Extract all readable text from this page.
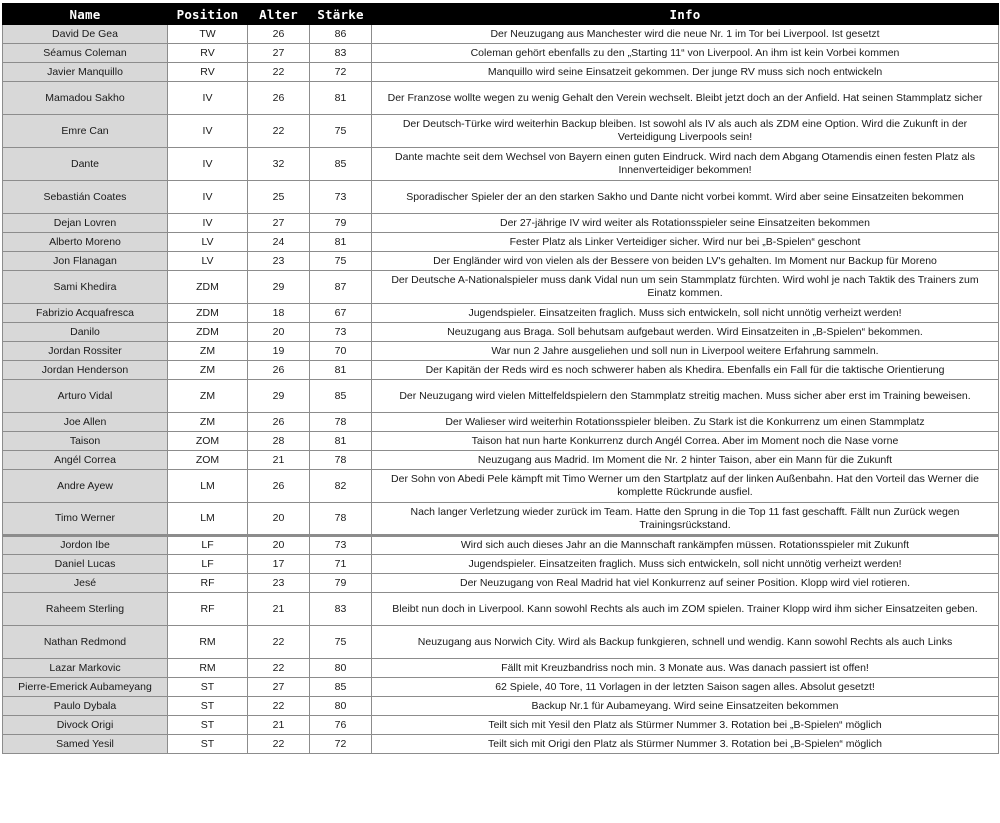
Name	Position	Alter	Stärke	Info
David De Gea	TW	26	86	Der Neuzugang aus Manchester wird die neue Nr. 1 im Tor bei Liverpool. Ist gesetzt
Séamus Coleman	RV	27	83	Coleman gehört ebenfalls zu den „Starting 11“ von Liverpool. An ihm ist kein Vorbei kommen
Javier Manquillo	RV	22	72	Manquillo wird seine Einsatzeit gekommen. Der junge RV muss sich noch entwickeln
Mamadou Sakho	IV	26	81	Der Franzose wollte wegen zu wenig Gehalt den Verein wechselt. Bleibt jetzt doch an der Anfield. Hat seinen Stammplatz sicher
Emre Can	IV	22	75	Der Deutsch-Türke wird weiterhin Backup bleiben. Ist sowohl als IV als auch als ZDM eine Option. Wird die Zukunft in der Verteidigung Liverpools sein!
Dante	IV	32	85	Dante machte seit dem Wechsel von Bayern einen guten Eindruck. Wird nach dem Abgang Otamendis einen festen Platz als Innenverteidiger bekommen!
Sebastián Coates	IV	25	73	Sporadischer Spieler der an den starken Sakho und Dante nicht vorbei kommt. Wird aber seine Einsatzeiten bekommen
Dejan Lovren	IV	27	79	Der 27-jährige IV wird weiter als Rotationsspieler seine Einsatzeiten bekommen
Alberto Moreno	LV	24	81	Fester Platz als Linker Verteidiger sicher. Wird nur bei „B-Spielen“ geschont
Jon Flanagan	LV	23	75	Der Engländer wird von vielen als der Bessere von beiden LV's gehalten. Im Moment nur Backup für Moreno
Sami Khedira	ZDM	29	87	Der Deutsche A-Nationalspieler muss dank Vidal nun um sein Stammplatz fürchten. Wird wohl je nach Taktik des Trainers zum Einatz kommen.
Fabrizio Acquafresca	ZDM	18	67	Jugendspieler. Einsatzeiten fraglich. Muss sich entwickeln, soll nicht unnötig verheizt werden!
Danilo	ZDM	20	73	Neuzugang aus Braga. Soll behutsam aufgebaut werden. Wird Einsatzeiten in „B-Spielen“ bekommen.
Jordan Rossiter	ZM	19	70	War nun 2 Jahre ausgeliehen und soll nun in Liverpool weitere Erfahrung sammeln.
Jordan Henderson	ZM	26	81	Der Kapitän der Reds wird es noch schwerer haben als Khedira. Ebenfalls ein Fall für die taktische Orientierung
Arturo Vidal	ZM	29	85	Der Neuzugang wird vielen Mittelfeldspielern den Stammplatz streitig machen. Muss sicher aber erst im Training beweisen.
Joe Allen	ZM	26	78	Der Walieser wird weiterhin Rotationsspieler bleiben. Zu Stark ist die Konkurrenz um einen Stammplatz
Taison	ZOM	28	81	Taison hat nun harte Konkurrenz durch Angél Correa. Aber im Moment noch die Nase vorne
Angél Correa	ZOM	21	78	Neuzugang aus Madrid. Im Moment die Nr. 2 hinter Taison, aber ein Mann für die Zukunft
Andre Ayew	LM	26	82	Der Sohn von Abedi Pele kämpft mit Timo Werner um den Startplatz auf der linken Außenbahn. Hat den Vorteil das Werner die komplette Rückrunde ausfiel.
Timo Werner	LM	20	78	Nach langer Verletzung wieder zurück im Team. Hatte den Sprung in die Top 11 fast geschafft. Fällt nun Zurück wegen Trainingsrückstand.
Jordon Ibe	LF	20	73	Wird sich auch dieses Jahr an die Mannschaft rankämpfen müssen. Rotationsspieler mit Zukunft
Daniel Lucas	LF	17	71	Jugendspieler. Einsatzeiten fraglich. Muss sich entwickeln, soll nicht unnötig verheizt werden!
Jesé	RF	23	79	Der Neuzugang von Real Madrid hat viel Konkurrenz auf seiner Position. Klopp wird viel rotieren.
Raheem Sterling	RF	21	83	Bleibt nun doch in Liverpool. Kann sowohl Rechts als auch im ZOM spielen. Trainer Klopp wird ihm sicher Einsatzeiten geben.
Nathan Redmond	RM	22	75	Neuzugang aus Norwich City. Wird als Backup funkgieren, schnell und wendig. Kann sowohl Rechts als auch Links
Lazar Markovic	RM	22	80	Fällt mit Kreuzbandriss noch min. 3 Monate aus. Was danach passiert ist offen!
Pierre-Emerick Aubameyang	ST	27	85	62 Spiele, 40 Tore, 11 Vorlagen in der letzten Saison sagen alles. Absolut gesetzt!
Paulo Dybala	ST	22	80	Backup Nr.1 für Aubameyang. Wird seine Einsatzeiten bekommen
Divock Origi	ST	21	76	Teilt sich mit Yesil den Platz als Stürmer Nummer 3. Rotation bei „B-Spielen“ möglich
Samed Yesil	ST	22	72	Teilt sich mit Origi den Platz als Stürmer Nummer 3. Rotation bei „B-Spielen“ möglich
